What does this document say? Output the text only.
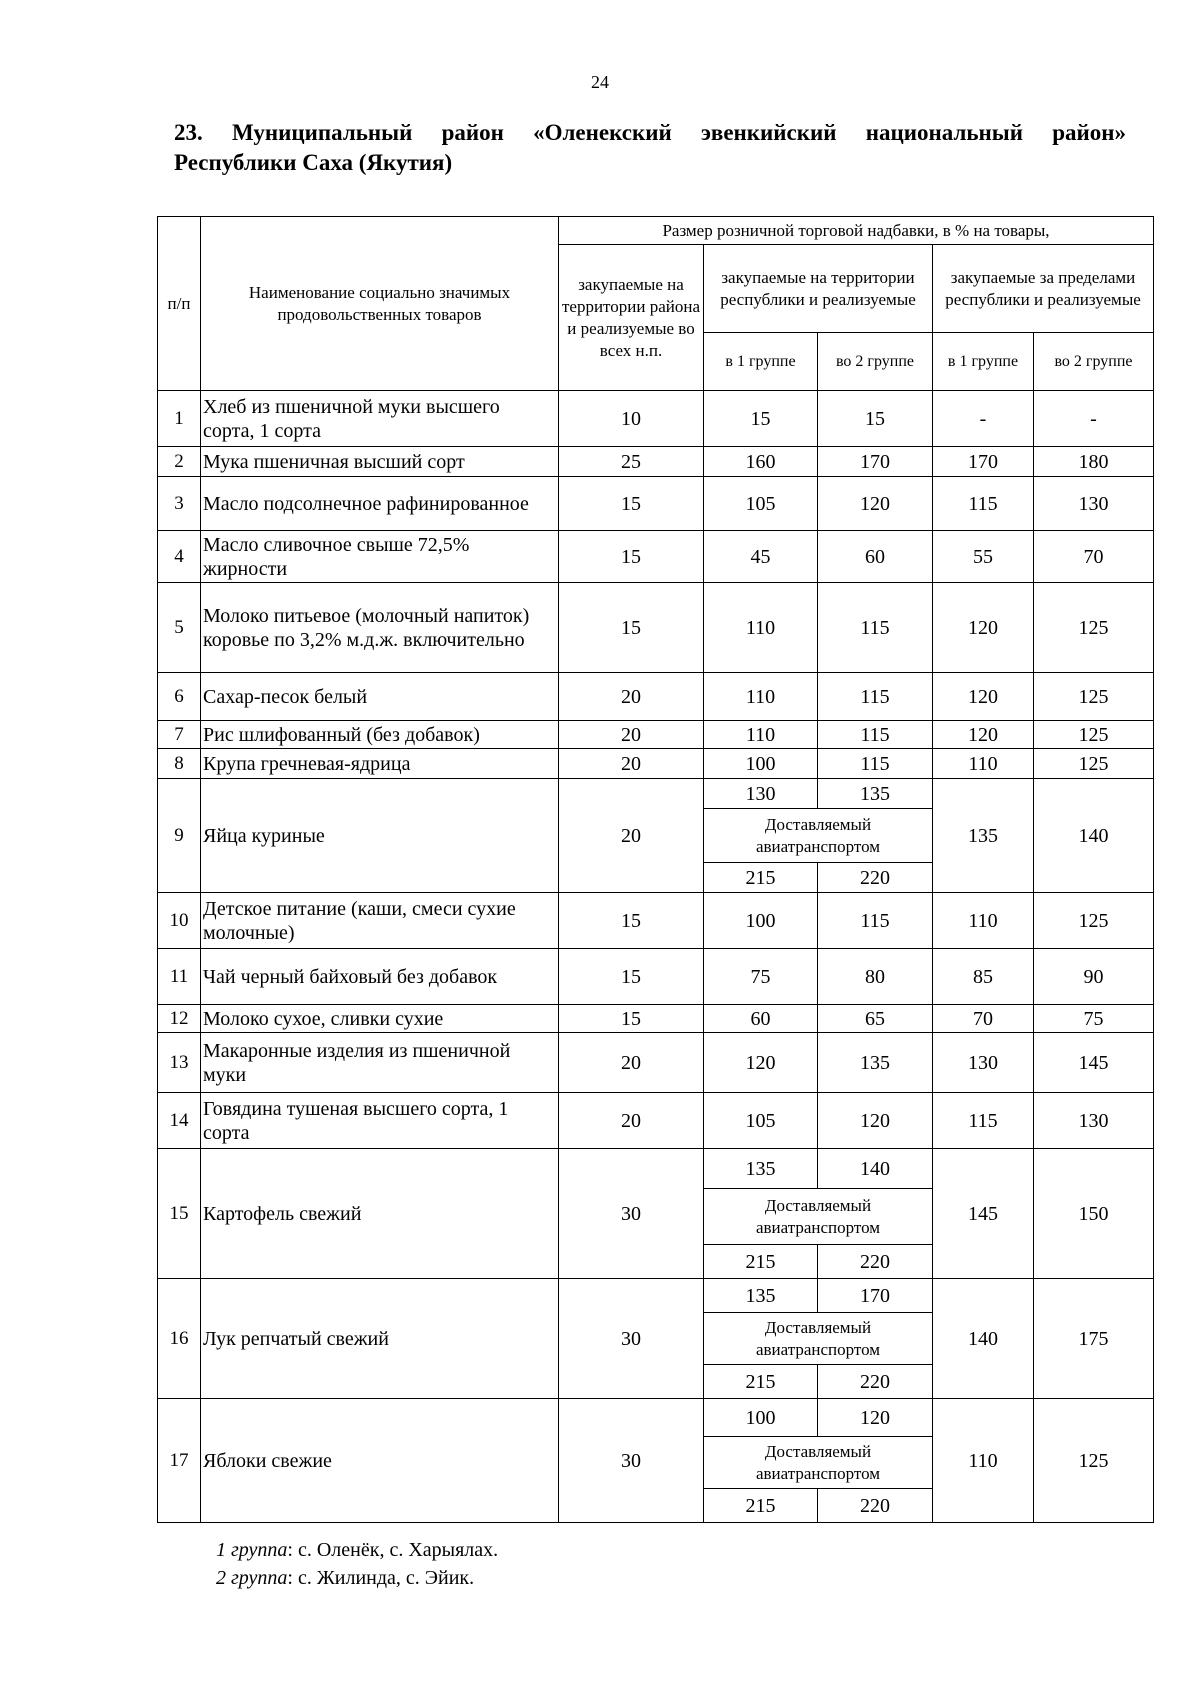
24
23. Муниципальный район «Оленекский эвенкийский национальный район»
Республики Саха (Якутия)
п/п	Наименование социально значимых продовольственных товаров	Размер розничной торговой надбавки, в % на товары,				
		закупаемые на территории района и реализуемые во всех н.п.	закупаемые на территории республики и реализуемые		закупаемые за пределами республики и реализуемые	
			в 1 группе	во 2 группе	в 1 группе	во 2 группе
1	Хлеб из пшеничной муки высшего сорта, 1 сорта	10	15	15	-	-
2	Мука пшеничная высший сорт	25	160	170	170	180
3	Масло подсолнечное рафинированное	15	105	120	115	130
4	Масло сливочное свыше 72,5% жирности	15	45	60	55	70
5	Молоко питьевое (молочный напиток) коровье по 3,2% м.д.ж. включительно	15	110	115	120	125
6	Сахар-песок белый	20	110	115	120	125
7	Рис шлифованный (без добавок)	20	110	115	120	125
8	Крупа гречневая-ядрица	20	100	115	110	125
9	Яйца куриные	20	130	135	135	140
			Доставляемый авиатранспортом			
			215	220		
10	Детское питание (каши, смеси сухие молочные)	15	100	115	110	125
11	Чай черный байховый без добавок	15	75	80	85	90
12	Молоко сухое, сливки сухие	15	60	65	70	75
13	Макаронные изделия из пшеничной муки	20	120	135	130	145
14	Говядина тушеная высшего сорта, 1 сорта	20	105	120	115	130
15	Картофель свежий	30	135	140	145	150
			Доставляемый авиатранспортом			
			215	220		
16	Лук репчатый свежий	30	135	170	140	175
			Доставляемый авиатранспортом			
			215	220		
17	Яблоки свежие	30	100	120	110	125
			Доставляемый авиатранспортом			
			215	220		
1 группа: с. Оленёк, с. Харыялах.
2 группа: с. Жилинда, с. Эйик.
